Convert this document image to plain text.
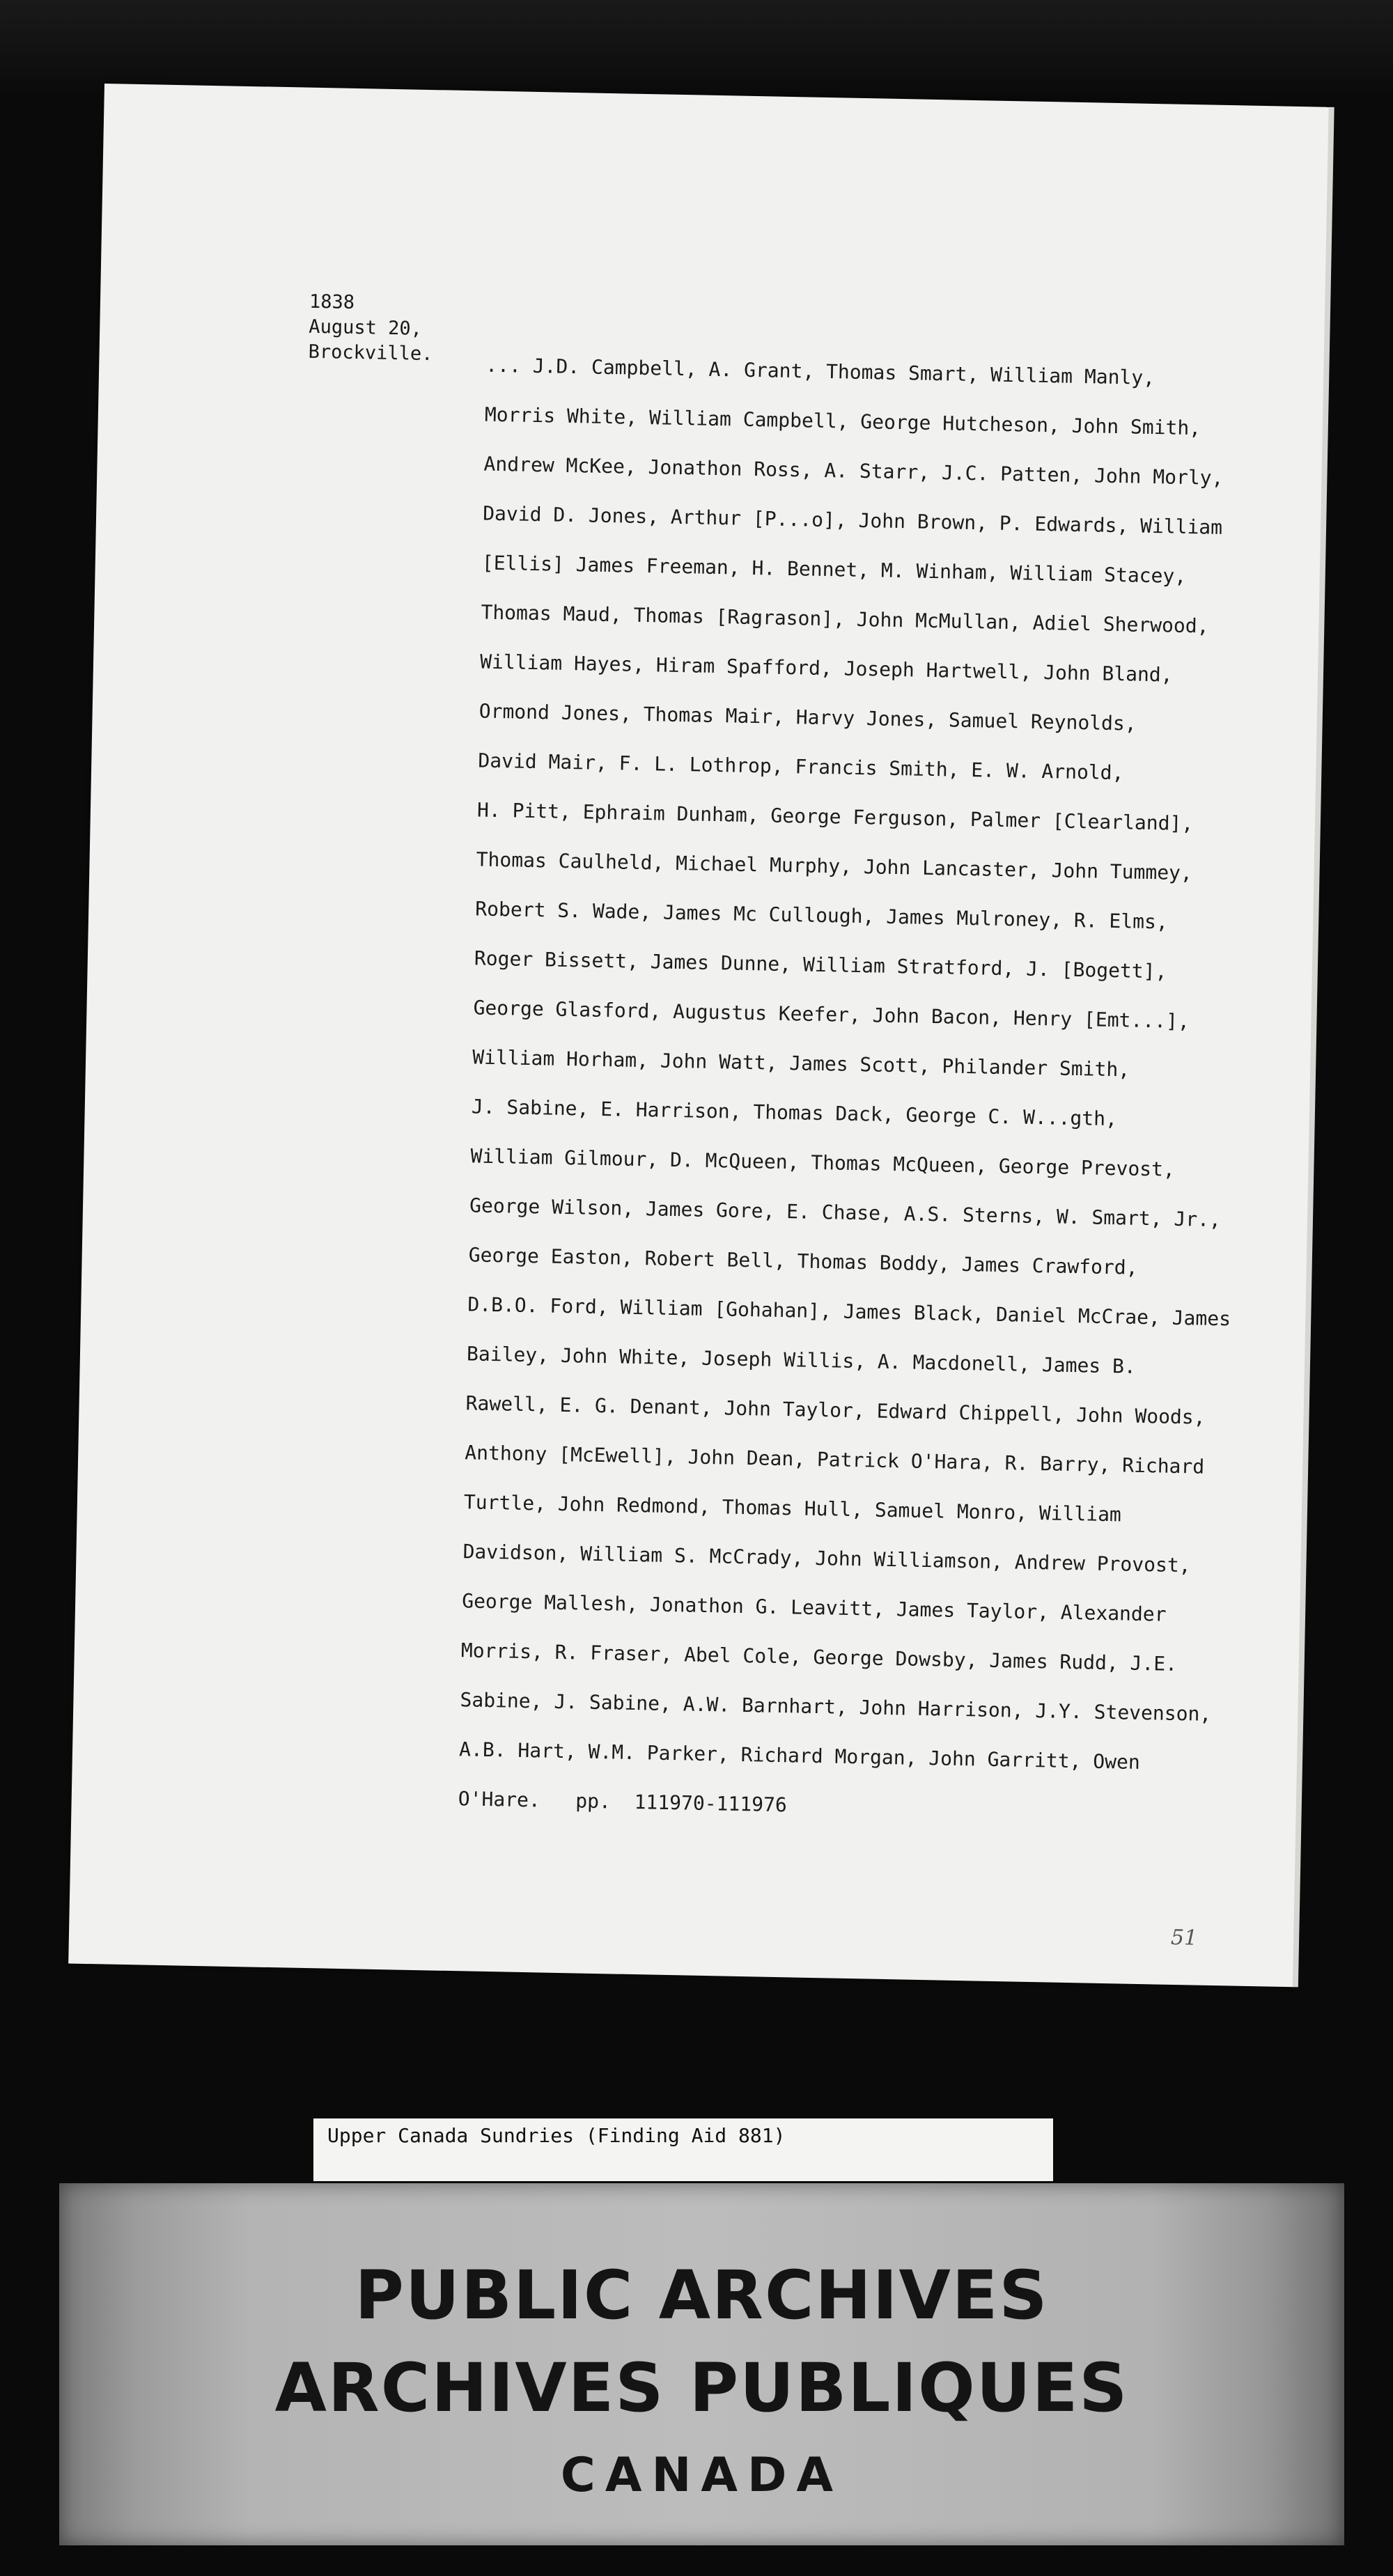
1838
August 20,
Brockville.
... J.D. Campbell, A. Grant, Thomas Smart, William Manly,
Morris White, William Campbell, George Hutcheson, John Smith,
Andrew McKee, Jonathon Ross, A. Starr, J.C. Patten, John Morly,
David D. Jones, Arthur [P...o], John Brown, P. Edwards, William
[Ellis] James Freeman, H. Bennet, M. Winham, William Stacey,
Thomas Maud, Thomas [Ragrason], John McMullan, Adiel Sherwood,
William Hayes, Hiram Spafford, Joseph Hartwell, John Bland,
Ormond Jones, Thomas Mair, Harvy Jones, Samuel Reynolds,
David Mair, F. L. Lothrop, Francis Smith, E. W. Arnold,
H. Pitt, Ephraim Dunham, George Ferguson, Palmer [Clearland],
Thomas Caulheld, Michael Murphy, John Lancaster, John Tummey,
Robert S. Wade, James Mc Cullough, James Mulroney, R. Elms,
Roger Bissett, James Dunne, William Stratford, J. [Bogett],
George Glasford, Augustus Keefer, John Bacon, Henry [Emt...],
William Horham, John Watt, James Scott, Philander Smith,
J. Sabine, E. Harrison, Thomas Dack, George C. W...gth,
William Gilmour, D. McQueen, Thomas McQueen, George Prevost,
George Wilson, James Gore, E. Chase, A.S. Sterns, W. Smart, Jr.,
George Easton, Robert Bell, Thomas Boddy, James Crawford,
D.B.O. Ford, William [Gohahan], James Black, Daniel McCrae, James
Bailey, John White, Joseph Willis, A. Macdonell, James B.
Rawell, E. G. Denant, John Taylor, Edward Chippell, John Woods,
Anthony [McEwell], John Dean, Patrick O'Hara, R. Barry, Richard
Turtle, John Redmond, Thomas Hull, Samuel Monro, William
Davidson, William S. McCrady, John Williamson, Andrew Provost,
George Mallesh, Jonathon G. Leavitt, James Taylor, Alexander
Morris, R. Fraser, Abel Cole, George Dowsby, James Rudd, J.E.
Sabine, J. Sabine, A.W. Barnhart, John Harrison, J.Y. Stevenson,
A.B. Hart, W.M. Parker, Richard Morgan, John Garritt, Owen
O'Hare.   pp.  111970-111976
51
Upper Canada Sundries (Finding Aid 881)
PUBLIC ARCHIVES
ARCHIVES PUBLIQUES
CANADA
